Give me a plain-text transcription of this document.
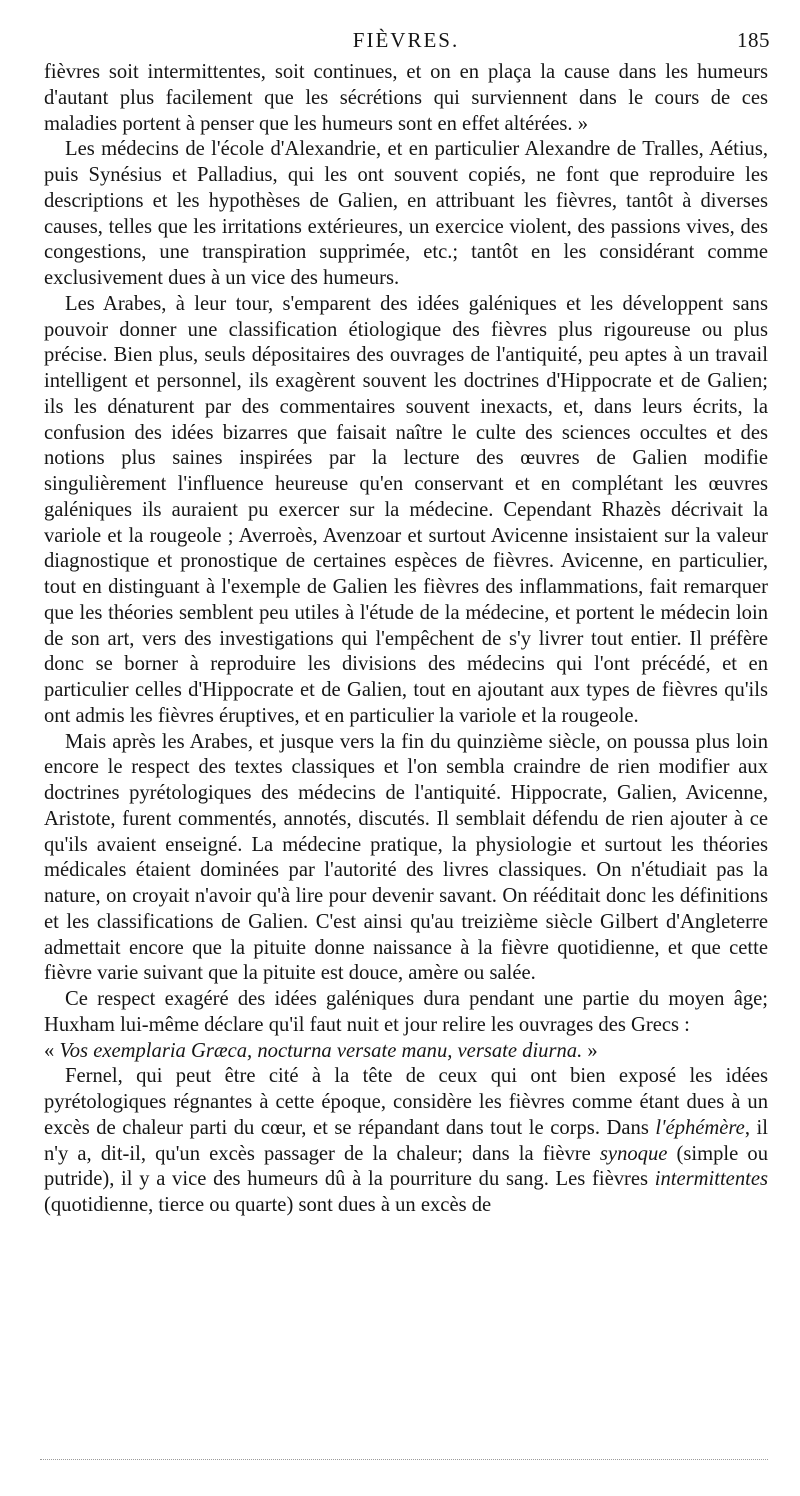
FIÈVRES.	185

fièvres soit intermittentes, soit continues, et on en plaça la cause dans les humeurs d'autant plus facilement que les sécrétions qui surviennent dans le cours de ces maladies portent à penser que les humeurs sont en effet altérées. »

Les médecins de l'école d'Alexandrie, et en particulier Alexandre de Tralles, Aétius, puis Synésius et Palladius, qui les ont souvent copiés, ne font que reproduire les descriptions et les hypothèses de Galien, en attribuant les fièvres, tantôt à diverses causes, telles que les irritations extérieures, un exercice violent, des passions vives, des congestions, une transpiration supprimée, etc.; tantôt en les considérant comme exclusivement dues à un vice des humeurs.

Les Arabes, à leur tour, s'emparent des idées galéniques et les développent sans pouvoir donner une classification étiologique des fièvres plus rigoureuse ou plus précise. Bien plus, seuls dépositaires des ouvrages de l'antiquité, peu aptes à un travail intelligent et personnel, ils exagèrent souvent les doctrines d'Hippocrate et de Galien; ils les dénaturent par des commentaires souvent inexacts, et, dans leurs écrits, la confusion des idées bizarres que faisait naître le culte des sciences occultes et des notions plus saines inspirées par la lecture des œuvres de Galien modifie singulièrement l'influence heureuse qu'en conservant et en complétant les œuvres galéniques ils auraient pu exercer sur la médecine. Cependant Rhazès décrivait la variole et la rougeole ; Averroès, Avenzoar et surtout Avicenne insistaient sur la valeur diagnostique et pronostique de certaines espèces de fièvres. Avicenne, en particulier, tout en distinguant à l'exemple de Galien les fièvres des inflammations, fait remarquer que les théories semblent peu utiles à l'étude de la médecine, et portent le médecin loin de son art, vers des investigations qui l'empêchent de s'y livrer tout entier. Il préfère donc se borner à reproduire les divisions des médecins qui l'ont précédé, et en particulier celles d'Hippocrate et de Galien, tout en ajoutant aux types de fièvres qu'ils ont admis les fièvres éruptives, et en particulier la variole et la rougeole.

Mais après les Arabes, et jusque vers la fin du quinzième siècle, on poussa plus loin encore le respect des textes classiques et l'on sembla craindre de rien modifier aux doctrines pyrétologiques des médecins de l'antiquité. Hippocrate, Galien, Avicenne, Aristote, furent commentés, annotés, discutés. Il semblait défendu de rien ajouter à ce qu'ils avaient enseigné. La médecine pratique, la physiologie et surtout les théories médicales étaient dominées par l'autorité des livres classiques. On n'étudiait pas la nature, on croyait n'avoir qu'à lire pour devenir savant. On rééditait donc les définitions et les classifications de Galien. C'est ainsi qu'au treizième siècle Gilbert d'Angleterre admettait encore que la pituite donne naissance à la fièvre quotidienne, et que cette fièvre varie suivant que la pituite est douce, amère ou salée.

Ce respect exagéré des idées galéniques dura pendant une partie du moyen âge; Huxham lui-même déclare qu'il faut nuit et jour relire les ouvrages des Grecs :
« Vos exemplaria Græca, nocturna versate manu, versate diurna. »

Fernel, qui peut être cité à la tête de ceux qui ont bien exposé les idées pyrétologiques régnantes à cette époque, considère les fièvres comme étant dues à un excès de chaleur parti du cœur, et se répandant dans tout le corps. Dans l'éphémère, il n'y a, dit-il, qu'un excès passager de la chaleur; dans la fièvre synoque (simple ou putride), il y a vice des humeurs dû à la pourriture du sang. Les fièvres intermittentes (quotidienne, tierce ou quarte) sont dues à un excès de
